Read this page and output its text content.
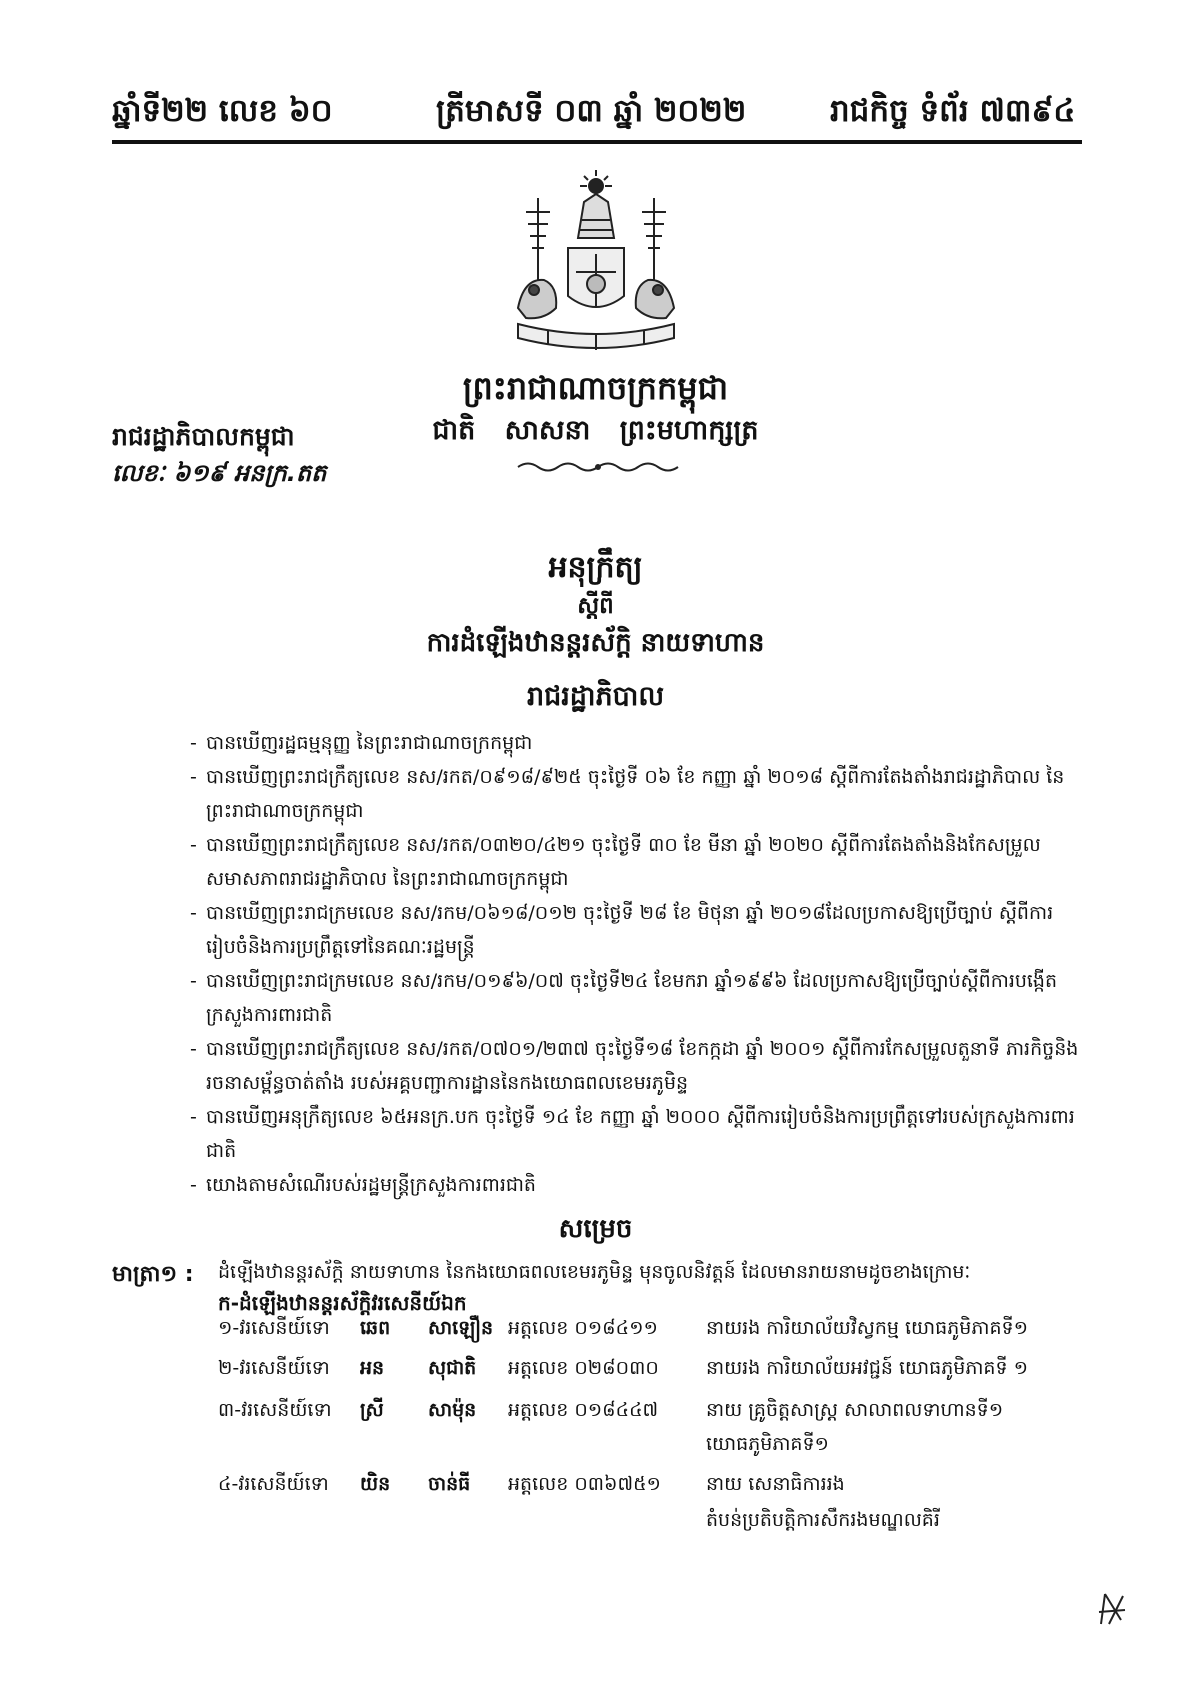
ឆ្នាំទី២២ លេខ ៦០	ត្រីមាសទី ០៣ ឆ្នាំ ២០២២	រាជកិច្ច ទំព័រ ៧៣៩៤
ព្រះរាជាណាចក្រកម្ពុជា
ជាតិ សាសនា ព្រះមហាក្សត្រ
រាជរដ្ឋាភិបាលកម្ពុជា
លេខៈ ៦១៩ អនក្រ.តត
អនុក្រឹត្យ
ស្តីពី
ការដំឡើងឋានន្តរស័ក្តិ នាយទាហាន
រាជរដ្ឋាភិបាល
- បានឃើញរដ្ឋធម្មនុញ្ញ នៃព្រះរាជាណាចក្រកម្ពុជា
- បានឃើញព្រះរាជក្រឹត្យលេខ នស/រកត/០៩១៨/៩២៥ ចុះថ្ងៃទី ០៦ ខែ កញ្ញា ឆ្នាំ ២០១៨ ស្តីពីការតែងតាំងរាជរដ្ឋាភិបាល នៃព្រះរាជាណាចក្រកម្ពុជា
- បានឃើញព្រះរាជក្រឹត្យលេខ នស/រកត/០៣២០/៤២១ ចុះថ្ងៃទី ៣០ ខែ មីនា ឆ្នាំ ២០២០ ស្តីពីការតែងតាំងនិងកែសម្រួលសមាសភាពរាជរដ្ឋាភិបាល នៃព្រះរាជាណាចក្រកម្ពុជា
- បានឃើញព្រះរាជក្រមលេខ នស/រកម/០៦១៨/០១២ ចុះថ្ងៃទី ២៨ ខែ មិថុនា ឆ្នាំ ២០១៨ដែលប្រកាសឱ្យប្រើច្បាប់ ស្តីពីការរៀបចំនិងការប្រព្រឹត្តទៅនៃគណៈរដ្ឋមន្ត្រី
- បានឃើញព្រះរាជក្រមលេខ នស/រកម/០១៩៦/០៧ ចុះថ្ងៃទី២៤ ខែមករា ឆ្នាំ១៩៩៦ ដែលប្រកាសឱ្យប្រើច្បាប់ស្តីពីការបង្កើតក្រសួងការពារជាតិ
- បានឃើញព្រះរាជក្រឹត្យលេខ នស/រកត/០៧០១/២៣៧ ចុះថ្ងៃទី១៨ ខែកក្កដា ឆ្នាំ ២០០១ ស្តីពីការកែសម្រួលតួនាទី ភារកិច្ចនិងរចនាសម្ព័ន្ធចាត់តាំង របស់អគ្គបញ្ជាការដ្ឋាននៃកងយោធពលខេមរភូមិន្ទ
- បានឃើញអនុក្រឹត្យលេខ ៦៥អនក្រ.បក ចុះថ្ងៃទី ១៤ ខែ កញ្ញា ឆ្នាំ ២០០០ ស្តីពីការរៀបចំនិងការប្រព្រឹត្តទៅរបស់ក្រសួងការពារជាតិ
- យោងតាមសំណើរបស់រដ្ឋមន្ត្រីក្រសួងការពារជាតិ
សម្រេច
មាត្រា១ : ដំឡើងឋានន្តរស័ក្តិ នាយទាហាន នៃកងយោធពលខេមរភូមិន្ទ មុនចូលនិវត្តន៍ ដែលមានរាយនាមដូចខាងក្រោមៈ
ក-ដំឡើងឋានន្តរស័ក្តិវរសេនីយ៍ឯក
១-វរសេនីយ៍ទោ ឆេព សាឡឿន អត្តលេខ ០១៨៤១១	នាយរង ការិយាល័យវិស្វកម្ម យោធភូមិភាគទី១
២-វរសេនីយ៍ទោ អន សុជាតិ អត្តលេខ ០២៨០៣០ នាយរង ការិយាល័យអវជ្ជន៍ យោធភូមិភាគទី ១
៣-វរសេនីយ៍ទោ ស្រី សាម៉ុន អត្តលេខ ០១៨៤៤៧	នាយ គ្រូចិត្តសាស្ត្រ សាលាពលទាហានទី១
យោធភូមិភាគទី១
៤-វរសេនីយ៍ទោ យិន ចាន់ធី អត្តលេខ ០៣៦៧៥១ នាយ សេនាធិការរង
តំបន់ប្រតិបត្តិការសឹករងមណ្ឌលគិរី
